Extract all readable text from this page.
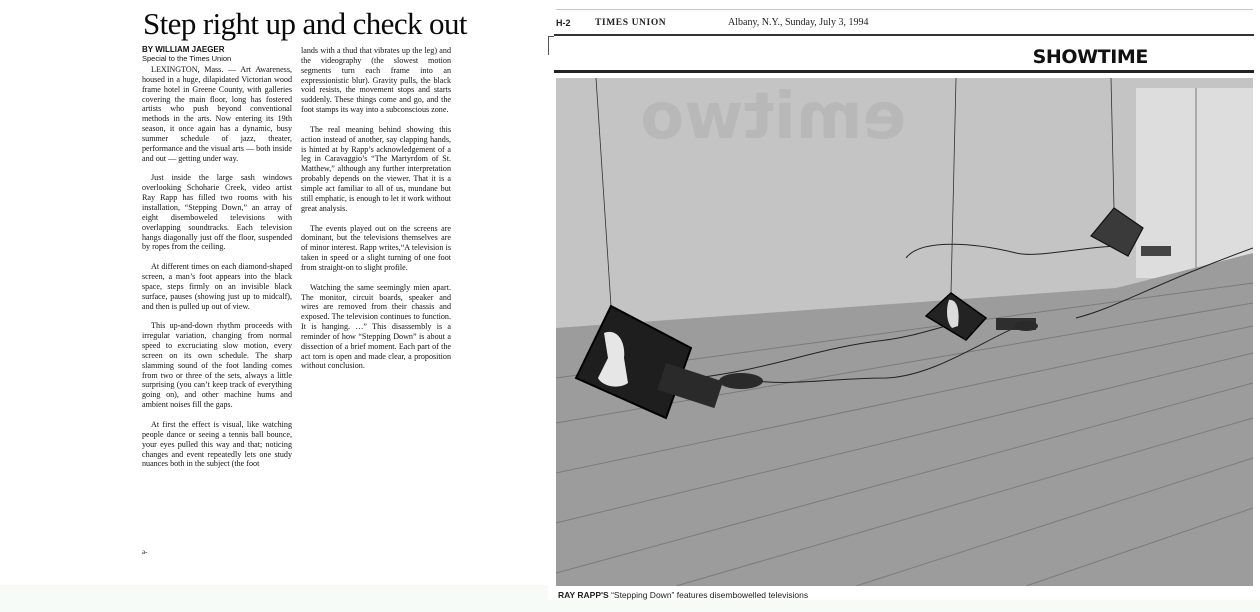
Step right up and check out
BY WILLIAM JAEGER
Special to the Times Union

LEXINGTON, Mass. — Art Awareness, housed in a huge, dilapidated Victorian wood frame hotel in Greene County, with galleries covering the main floor, long has fostered artists who push beyond conventional methods in the arts. Now entering its 19th season, it once again has a dynamic, busy summer schedule of jazz, theater, performance and the visual arts — both inside and out — getting under way.

Just inside the large sash windows overlooking Schoharie Creek, video artist Ray Rapp has filled two rooms with his installation, “Stepping Down,” an array of eight disemboweled televisions with overlapping soundtracks. Each television hangs diagonally just off the floor, suspended by ropes from the ceiling.

At different times on each diamond-shaped screen, a man’s foot appears into the black space, steps firmly on an invisible black surface, pauses (showing just up to midcalf), and then is pulled up out of view.

This up-and-down rhythm proceeds with irregular variation, changing from normal speed to excruciating slow motion, every screen on its own schedule. The sharp slamming sound of the foot landing comes from two or three of the sets, always a little surprising (you can’t keep track of everything going on), and other machine hums and ambient noises fill the gaps.

At first the effect is visual, like watching people dance or seeing a tennis ball bounce, your eyes pulled this way and that; noticing changes and event repeatedly lets one study nuances both in the subject (the foot

a-

lands with a thud that vibrates up the leg) and the videography (the slowest motion segments turn each frame into an expressionistic blur). Gravity pulls, the black void resists, the movement stops and starts suddenly. These things come and go, and the foot stamps its way into a subconscious zone.

The real meaning behind showing this action instead of another, say clapping hands, is hinted at by Rapp’s acknowledgement of a leg in Caravaggio’s “The Martyrdom of St. Matthew,” although any further interpretation probably depends on the viewer. That it is a simple act familiar to all of us, mundane but still emphatic, is enough to let it work without great analysis.

The events played out on the screens are dominant, but the televisions themselves are of minor interest. Rapp writes,“A television is taken in speed or a slight turning of one foot from straight-on to slight profile.

Watching the same seemingly mien apart. The monitor, circuit boards, speaker and wires are removed from their chassis and exposed. The television continues to function. It is hanging. …” This disassembly is a reminder of how “Stepping Down” is about a dissection of a brief moment. Each part of the act torn is open and made clear, a proposition without conclusion.

H-2	TIMES UNION	Albany, N.Y., Sunday, July 3, 1994
SHOWTIME
emitwo
RAY RAPP'S “Stepping Down” features disembowelled televisions
